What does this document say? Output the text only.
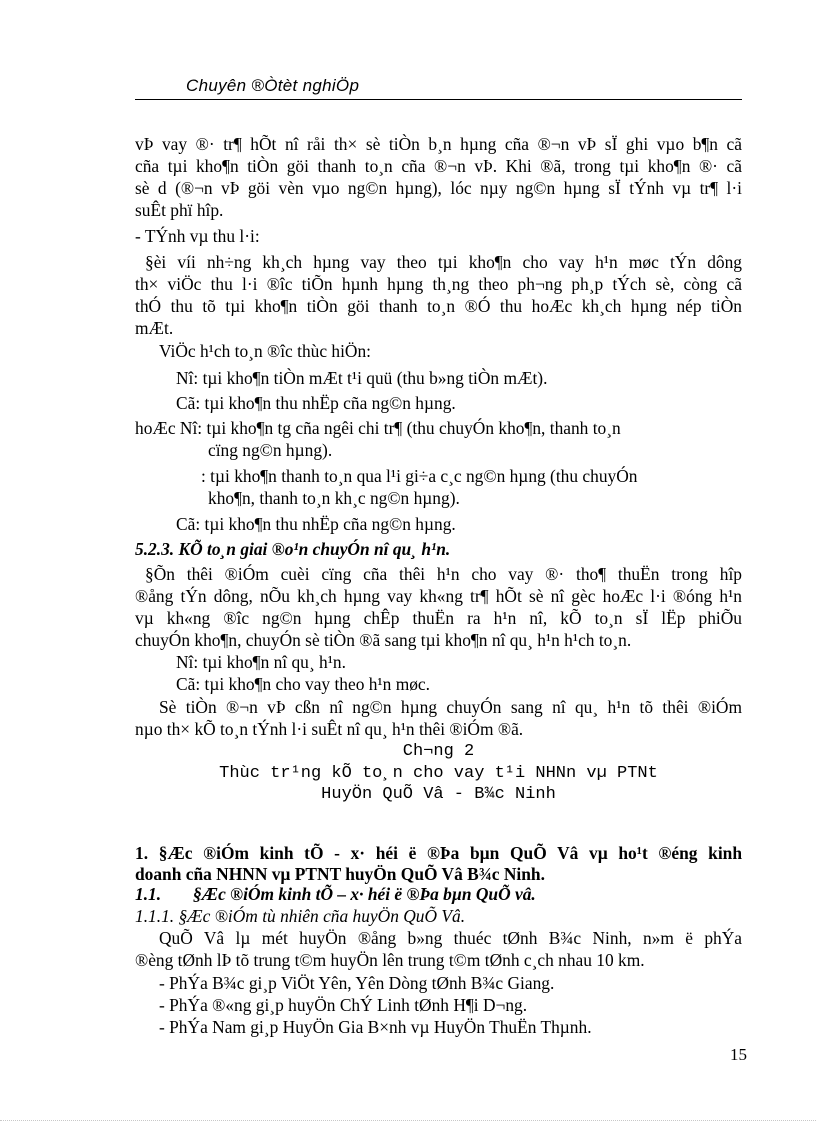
Chuyên ®Òtèt nghiÖp
vÞ vay ®· tr¶ hÕt nî råi th× sè tiÒn b¸n hµng cña ®¬n vÞ sÏ ghi vµo b¶n cã
cña tµi kho¶n tiÒn göi thanh to¸n cña ®¬n vÞ. Khi ®ã, trong tµi kho¶n ®· cã
sè d (®¬n vÞ göi vèn vµo ng©n hµng), lóc nµy ng©n hµng sÏ tÝnh vµ tr¶ l·i
suÊt phï hîp.
- TÝnh vµ thu l·i:
§èi víi nh÷ng kh¸ch hµng vay theo tµi kho¶n cho vay h¹n møc tÝn dông
th× viÖc thu l·i ®îc tiÕn hµnh hµng th¸ng theo ph¬ng ph¸p tÝch sè, còng cã
thÓ thu tõ tµi kho¶n tiÒn göi thanh to¸n ®Ó thu hoÆc kh¸ch hµng nép tiÒn
mÆt.
ViÖc h¹ch to¸n ®îc thùc hiÖn:
Nî: tµi kho¶n tiÒn mÆt t¹i quü (thu b»ng tiÒn mÆt).
Cã: tµi kho¶n thu nhËp cña ng©n hµng.
hoÆc Nî: tµi kho¶n tg cña ngêi chi tr¶ (thu chuyÓn kho¶n, thanh to¸n
cïng ng©n hµng).
: tµi kho¶n thanh to¸n qua l¹i gi÷a c¸c ng©n hµng (thu chuyÓn
kho¶n, thanh to¸n kh¸c ng©n hµng).
Cã: tµi kho¶n thu nhËp cña ng©n hµng.
5.2.3. KÕ to¸n giai ®o¹n chuyÓn nî qu¸ h¹n.
§Õn thêi ®iÓm cuèi cïng cña thêi h¹n cho vay ®· tho¶ thuËn trong hîp
®ång tÝn dông, nÕu kh¸ch hµng vay kh«ng tr¶ hÕt sè nî gèc hoÆc l·i ®óng h¹n
vµ kh«ng ®îc ng©n hµng chÊp thuËn ra h¹n nî, kÕ to¸n sÏ lËp phiÕu
chuyÓn kho¶n, chuyÓn sè tiÒn ®ã sang tµi kho¶n nî qu¸ h¹n h¹ch to¸n.
Nî: tµi kho¶n nî qu¸ h¹n.
Cã: tµi kho¶n cho vay theo h¹n møc.
Sè tiÒn ®¬n vÞ cßn nî ng©n hµng chuyÓn sang nî qu¸ h¹n tõ thêi ®iÓm
nµo th× kÕ to¸n tÝnh l·i suÊt nî qu¸ h¹n thêi ®iÓm ®ã.
Ch¬ng 2
Thùc tr¹ng kÕ to¸n cho vay t¹i NHNn vµ PTNt
HuyÖn QuÕ Vâ - B¾c Ninh
1. §Æc ®iÓm kinh tÕ - x· héi ë ®Þa bµn QuÕ Vâ vµ ho¹t ®éng kinh
doanh cña NHNN vµ PTNT huyÖn QuÕ Vâ B¾c Ninh.
1.1. §Æc ®iÓm kinh tÕ – x· héi ë ®Þa bµn QuÕ vâ.
1.1.1. §Æc ®iÓm tù nhiên cña huyÖn QuÕ Vâ.
QuÕ Vâ lµ mét huyÖn ®ång b»ng thuéc tØnh B¾c Ninh, n»m ë phÝa
®èng tØnh lÞ tõ trung t©m huyÖn lên trung t©m tØnh c¸ch nhau 10 km.
- PhÝa B¾c gi¸p ViÖt Yên, Yên Dòng tØnh B¾c Giang.
- PhÝa ®«ng gi¸p huyÖn ChÝ Linh tØnh H¶i D¬ng.
- PhÝa Nam gi¸p HuyÖn Gia B×nh vµ HuyÖn ThuËn Thµnh.
15
